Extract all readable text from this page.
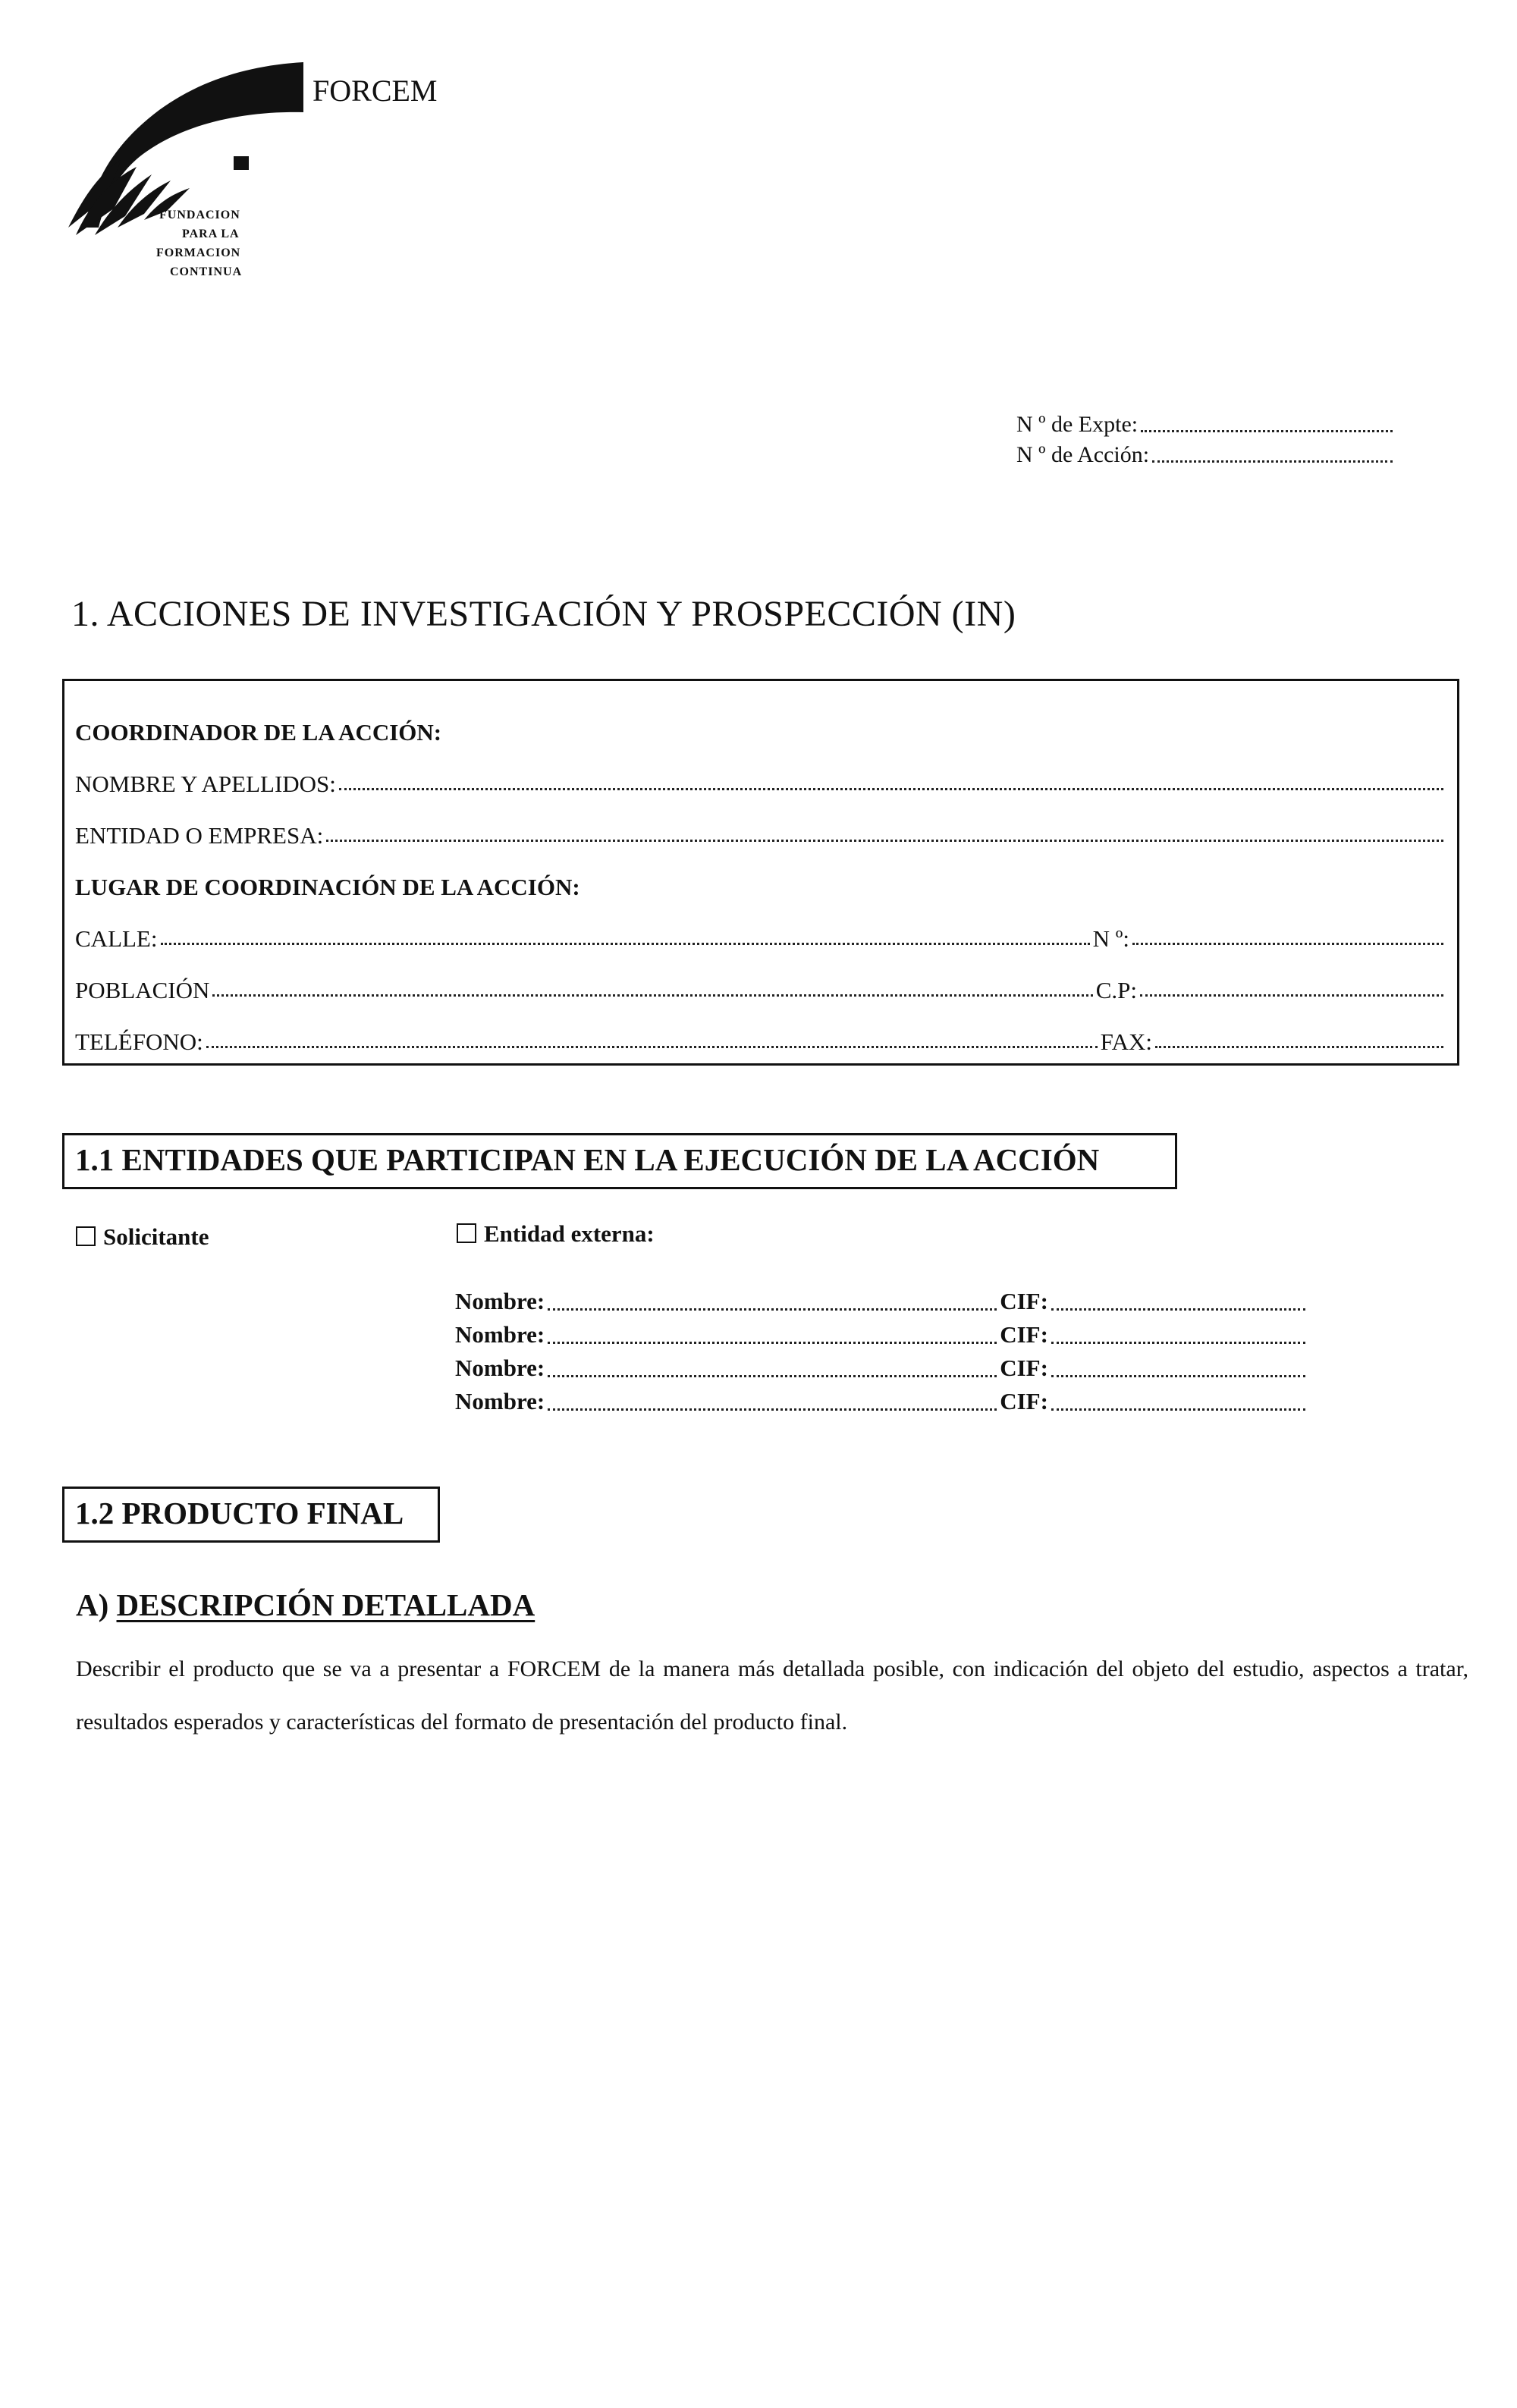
FUNDACION
PARA LA
FORMACION
CONTINUA
FORCEM
N º de Expte:
N º de Acción:
1. ACCIONES DE INVESTIGACIÓN Y PROSPECCIÓN (IN)
COORDINADOR DE LA ACCIÓN:
NOMBRE Y APELLIDOS:
ENTIDAD O EMPRESA:
LUGAR DE COORDINACIÓN DE LA ACCIÓN:
CALLE:	N º:
POBLACIÓN	C.P:
TELÉFONO:	FAX:
1.1 ENTIDADES QUE PARTICIPAN EN LA EJECUCIÓN DE LA ACCIÓN
Solicitante	Entidad externa:
Nombre:	CIF:
Nombre:	CIF:
Nombre:	CIF:
Nombre:	CIF:
1.2 PRODUCTO FINAL
A) DESCRIPCIÓN DETALLADA
Describir el producto que se va a presentar a FORCEM de la manera más detallada posible, con indicación del objeto del estudio, aspectos a tratar, resultados esperados y características del formato de presentación del producto final.
